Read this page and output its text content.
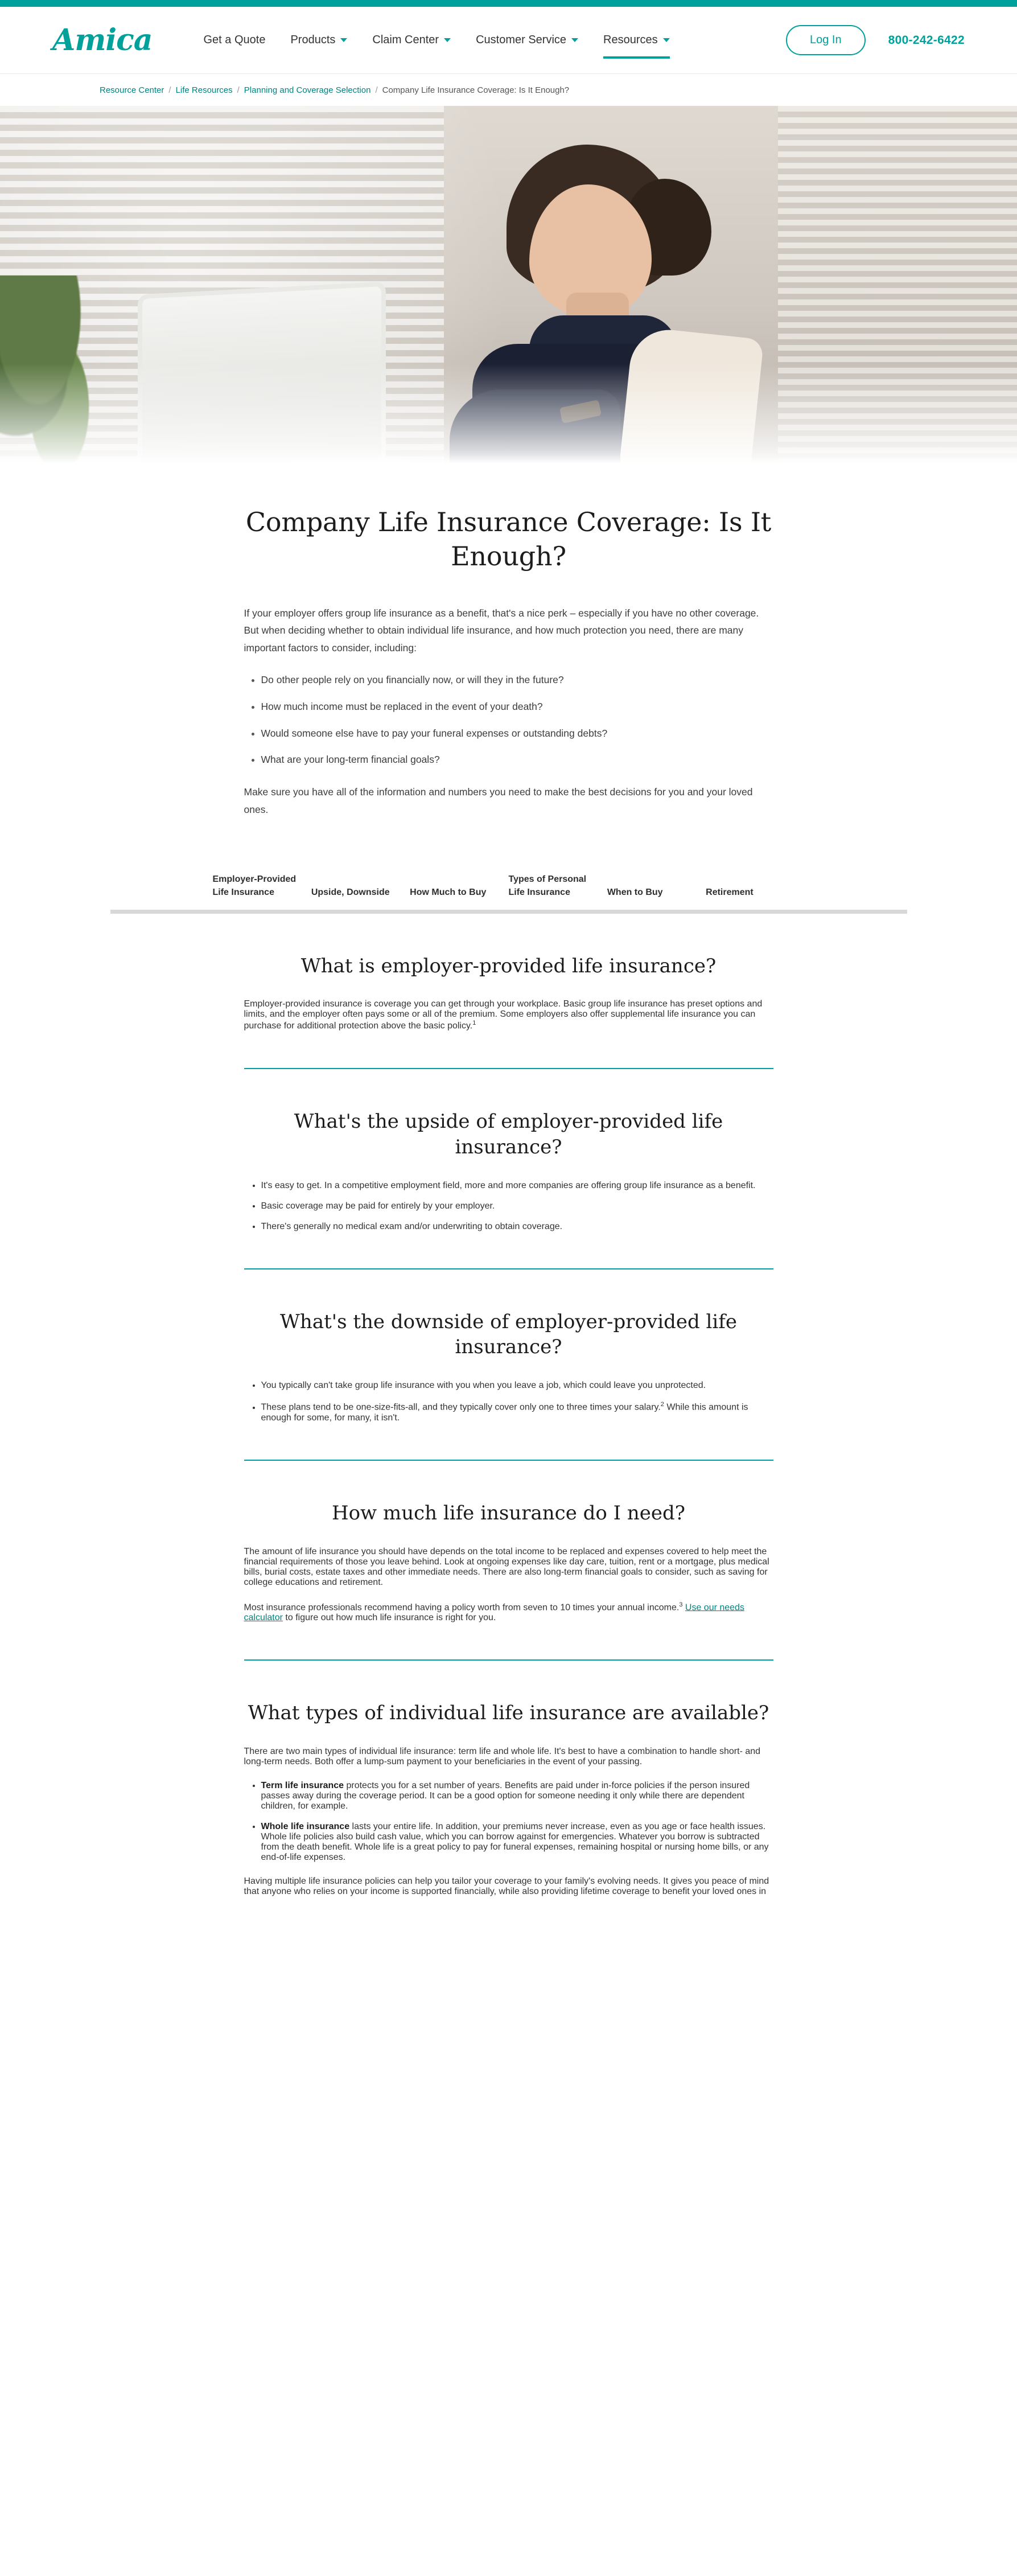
Amica	Get a Quote Products	Claim Center	Customer Service	Resources	Log In	800-242-6422
Resource Center / Life Resources / Planning and Coverage Selection / Company Life Insurance Coverage: Is It Enough?
Company Life Insurance Coverage: Is It Enough?

If your employer offers group life insurance as a benefit, that's a nice perk – especially if you have no other coverage. But when deciding whether to obtain individual life insurance, and how much protection you need, there are many important factors to consider, including:

• Do other people rely on you financially now, or will they in the future?
• How much income must be replaced in the event of your death?
• Would someone else have to pay your funeral expenses or outstanding debts?
• What are your long-term financial goals?

Make sure you have all of the information and numbers you need to make the best decisions for you and your loved ones.

Employer-Provided Life Insurance	Upside, Downside	How Much to Buy
Types of Personal Life Insurance	When to Buy	Retirement
What is employer-provided life insurance?

Employer-provided insurance is coverage you can get through your workplace. Basic group life insurance has preset options and limits, and the employer often pays some or all of the premium. Some employers also offer supplemental life insurance you can purchase for additional protection above the basic policy.$^1$

What's the upside of employer-provided life insurance?
• It's easy to get. In a competitive employment field, more and more companies are offering group life insurance as a benefit.
• Basic coverage may be paid for entirely by your employer.
• There's generally no medical exam and/or underwriting to obtain coverage.
What's the downside of employer-provided life insurance?
• You typically can't take group life insurance with you when you leave a job, which could leave you unprotected.
• These plans tend to be one-size-fits-all, and they typically cover only one to three times your salary.$^2$ While this amount is enough for some, for many, it isn't.
How much life insurance do I need?

The amount of life insurance you should have depends on the total income to be replaced and expenses covered to help meet the financial requirements of those you leave behind. Look at ongoing expenses like day care, tuition, rent or a mortgage, plus medical bills, burial costs, estate taxes and other immediate needs. There are also long-term financial goals to consider, such as saving for college educations and retirement.

Most insurance professionals recommend having a policy worth from seven to 10 times your annual income.$^3$ Use our needs calculator to figure out how much life insurance is right for you.

What types of individual life insurance are available?

There are two main types of individual life insurance: term life and whole life. It's best to have a combination to handle short- and long-term needs. Both offer a lump-sum payment to your beneficiaries in the event of your passing.

• Term life insurance protects you for a set number of years. Benefits are paid under in-force policies if the person insured passes away during the coverage period. It can be a good option for someone needing it only while there are dependent children, for example.
• Whole life insurance lasts your entire life. In addition, your premiums never increase, even as you age or face health issues. Whole life policies also build cash value, which you can borrow against for emergencies. Whatever you borrow is subtracted from the death benefit. Whole life is a great policy to pay for funeral expenses, remaining hospital or nursing home bills, or any end-of-life expenses.

Having multiple life insurance policies can help you tailor your coverage to your family's evolving needs. It gives you peace of mind that anyone who relies on your income is supported financially, while also providing lifetime coverage to benefit your loved ones in
